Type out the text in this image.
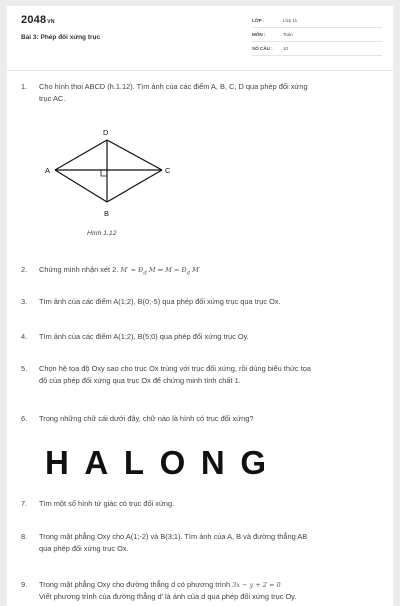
2048VN
Bài 3: Phép đối xứng trục
LỚP :	Lớp 11
MÔN :	Toán
SỐ CÂU : 10
1.	Cho hình thoi ABCD (h.1.12). Tìm ảnh của các điểm A, B, C, D qua phép đối xứng
trục AC.
D
A	C
B
Hình 1.12
2.	Chứng minh nhận xét 2. $M' = Đ_d$ M ⇔ $M = Đ_d$ M′
3.	Tìm ảnh của các điểm A(1;2), B(0;-5) qua phép đối xứng trục qua trục Ox.
4.	Tìm ảnh của các điểm A(1;2), B(5;0) qua phép đối xứng trục Oy.
5.	Chọn hệ tọa độ Oxy sao cho trục Ox trùng với trục đối xứng, rồi dùng biểu thức tọa
độ của phép đối xứng qua trục Ox để chứng minh tính chất 1.
6.	Trong những chữ cái dưới đây, chữ nào là hình có trục đối xứng?
HALONG
7.	Tìm một số hình tứ giác có trục đối xứng.
8.	Trong mặt phẳng Oxy cho A(1;-2) và B(3;1). Tìm ảnh của A, B và đường thẳng AB
qua phép đối xứng trục Ox.
9.	Trong mặt phẳng Oxy cho đường thẳng d có phương trình 3x − y + 2 = 0
Viết phương trình của đường thẳng d′ là ảnh của d qua phép đối xứng trục Oy.
